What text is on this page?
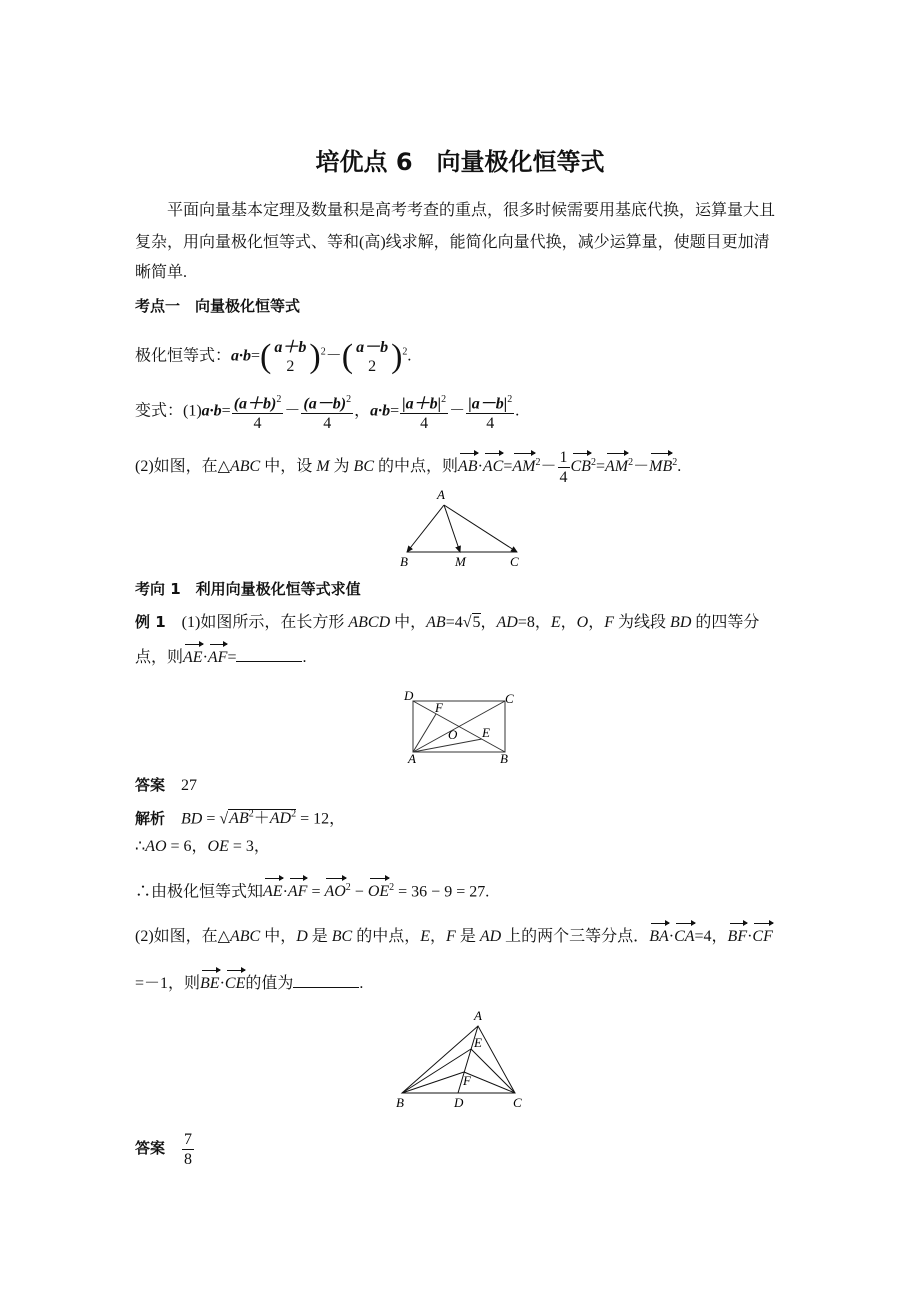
培优点 6 向量极化恒等式
平面向量基本定理及数量积是高考考查的重点，很多时候需要用基底代换，运算量大且
复杂，用向量极化恒等式、等和(高)线求解，能简化向量代换，减少运算量，使题目更加清
晰简单.
考点一　向量极化恒等式
极化恒等式：a·b=( a＋b
2 )$^2$－( a－b
2 )$^2$.
变式：$(1)a\cdot b= \frac{(a+b)^2}{4} - \frac{(a-b)^2}{4}$ ，$a\cdot b= \frac{|a+b|^2}{4} - \frac{|a-b|^2}{4}$ .
(2)如图，在△ABC 中，设 M 为 BC 的中点，则$AB\cdot AC=AM^2- \frac{1}{4} CB^2=AM^2-MB^2$.
A
B	M	C
D	C
F
O E
A	B
A
E
F
B	D	C
考向 1　利用向量极化恒等式求值
例 1　(1)如图所示，在长方形 ABCD 中，AB=4√5，AD=8，E，O，F 为线段 BD 的四等分
点，则AE·AF=	.
答案　 27
解析　 BD = $√AB^2+AD^2 = 12$，
∴AO = 6，OE = 3，
∴由极化恒等式知$AE\cdot AF = AO^2 - OE^2 = 36 - 9 = 27$.
(2)如图，在△ABC 中，D 是 BC 的中点，E，F 是 AD 上的两个三等分点．BA·CA=4，BF·CF
=－1，则BE·CE的值为	.
答案　 $\frac{7}{8}$
